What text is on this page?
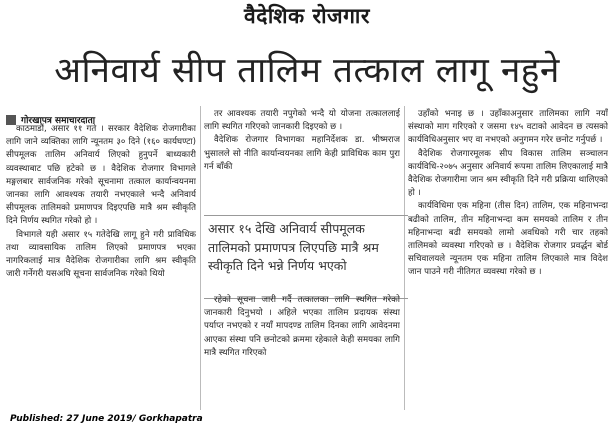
वैदेशिक रोजगार
अनिवार्य सीप तालिम तत्काल लागू नहुने
गोरखापत्र समाचारदाता

काठमाडौं, असार ११ गते । सरकार वैदेशिक रोजगारीका लागि जाने व्यक्तिका लागि न्यूनतम ३० दिने (१६० कार्यघण्टा) सीपमूलक तालिम अनिवार्य लिएको हुनुपर्ने बाध्यकारी व्यवस्थाबाट पछि हटेको छ । वैदेशिक रोजगार विभागले मङ्गलबार सार्वजनिक गरेको सूचनामा तत्काल कार्यान्वयनमा जानका लागि आवश्यक तयारी नभएकाले भन्दै अनिवार्य सीपमूलक तालिमको प्रमाणपत्र दिइएपछि मात्रै श्रम स्वीकृति दिने निर्णय स्थगित गरेको हो ।

विभागले यही असार १५ गतेदेखि लागू हुने गरी प्राविधिक तथा व्यावसायिक तालिम लिएको प्रमाणपत्र भएका नागरिकलाई मात्र वैदेशिक रोजगारीका लागि श्रम स्वीकृति जारी गर्नेगरी यसअघि सूचना सार्वजनिक गरेको थियो

तर आवश्यक तयारी नपुगेको भन्दै यो योजना तत्काललाई लागि स्थगित गरिएको जानकारी दिइएको छ ।

वैदेशिक रोजगार विभागका महानिर्देशक डा. भीष्मराज भुसालले सो नीति कार्यान्वयनका लागि केही प्राविधिक काम पुरा गर्न बाँकी

असार १५ देखि अनिवार्य सीपमूलक तालिमको प्रमाणपत्र लिएपछि मात्रै श्रम स्वीकृति दिने भन्ने निर्णय भएको

रहेको सूचना जारी गर्दै तत्कालका लागि स्थगित गरेको जानकारी दिनुभयो । अहिले भएका तालिम प्रदायक संस्था पर्याप्त नभएको र नयाँ मापदण्ड तालिम दिनका लागि आवेदनमा आएका संस्था पनि छनोटको क्रममा रहेकाले केही समयका लागि मात्रै स्थगित गरिएको

उहाँको भनाइ छ । उहाँकाअनुसार तालिमका लागि नयाँ संस्थाको माग गरिएको र जसमा १४५ वटाको आवेदन छ त्यसको कार्यविधिअनुसार भए वा नभएको अनुगमन गरेर छनोट गर्नुपर्छ ।

वैदेशिक रोजगारमूलक सीप विकास तालिम सञ्चालन कार्यविधि-२०७५ अनुसार अनिवार्य रूपमा तालिम लिएकालाई मात्रै वैदेशिक रोजगारीमा जान श्रम स्वीकृति दिने गरी प्रक्रिया थालिएको हो ।

कार्यविधिमा एक महिना (तीस दिन) तालिम, एक महिनाभन्दा बढीको तालिम, तीन महिनाभन्दा कम समयको तालिम र तीन महिनाभन्दा बढी समयको लामो अवधिको गरी चार तहको तालिमको व्यवस्था गरिएको छ । वैदेशिक रोजगार प्रवर्द्धन बोर्ड सचिवालयले न्यूनतम एक महिना तालिम लिएकाले मात्र विदेश जान पाउने गरी नीतिगत व्यवस्था गरेको छ ।

Published: 27 June 2019/ Gorkhapatra
